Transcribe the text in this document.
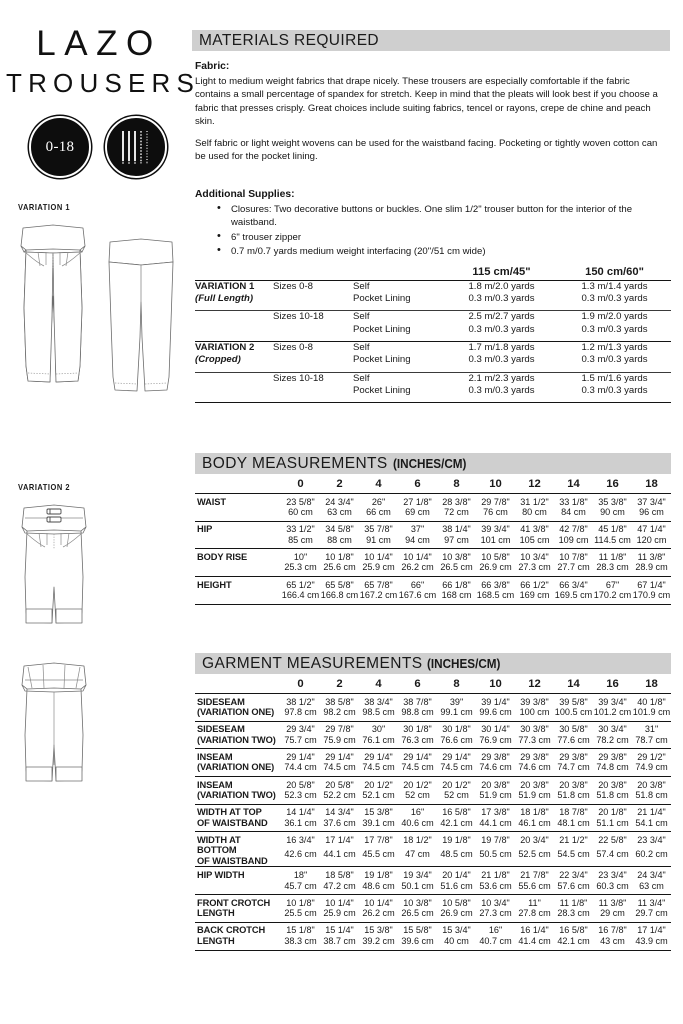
LAZO
TROUSERS
0-18
VARIATION 1
VARIATION 2
MATERIALS REQUIRED
Fabric:

Light to medium weight fabrics that drape nicely. These trousers are especially comfortable if the fabric contains a small percentage of spandex for stretch. Keep in mind that the pleats will look best if you choose a fabric that presses crisply. Great choices include suiting fabrics, tencel or rayons, crepe de chine and peach skin.

Self fabric or light weight wovens can be used for the waistband facing. Pocketing or tightly woven cotton can be used for the pocket lining.

Additional Supplies:
• Closures: Two decorative buttons or buckles. One slim 1/2" trouser button for the interior of the waistband.
• 6" trouser zipper
• 0.7 m/0.7 yards medium weight interfacing (20"/51 cm wide)
			115 cm/45"	150 cm/60"

VARIATION 1	Sizes 0-8	Self	1.8 m/2.0 yards	1.3 m/1.4 yards

(Full Length)		Pocket Lining	0.3 m/0.3 yards	0.3 m/0.3 yards

	Sizes 10-18	Self	2.5 m/2.7 yards	1.9 m/2.0 yards
		Pocket Lining	0.3 m/0.3 yards	0.3 m/0.3 yards

VARIATION 2	Sizes 0-8	Self	1.7 m/1.8 yards	1.2 m/1.3 yards

(Cropped)		Pocket Lining	0.3 m/0.3 yards	0.3 m/0.3 yards

	Sizes 10-18	Self	2.1 m/2.3 yards	1.5 m/1.6 yards
		Pocket Lining	0.3 m/0.3 yards	0.3 m/0.3 yards

BODY MEASUREMENTS (INCHES/CM)
	0	2	4	6	8	10	12	14	16	18

WAIST	23 5/8"	24 3/4"	26"	27 1/8"	28 3/8"	29 7/8"	31 1/2"	33 1/8"	35 3/8"	37 3/4"
	60 cm	63 cm	66 cm	69 cm	72 cm	76 cm	80 cm	84 cm	90 cm	96 cm

HIP	33 1/2"	34 5/8"	35 7/8"	37"	38 1/4"	39 3/4"	41 3/8"	42 7/8"	45 1/8"	47 1/4"
	85 cm	88 cm	91 cm	94 cm	97 cm	101 cm	105 cm	109 cm	114.5 cm	120 cm

BODY RISE	10"	10 1/8"	10 1/4"	10 1/4"	10 3/8"	10 5/8"	10 3/4"	10 7/8"	11 1/8"	11 3/8"
	25.3 cm	25.6 cm	25.9 cm	26.2 cm	26.5 cm	26.9 cm	27.3 cm	27.7 cm	28.3 cm	28.9 cm

HEIGHT	65 1/2"	65 5/8"	65 7/8"	66"	66 1/8"	66 3/8"	66 1/2"	66 3/4"	67"	67 1/4"
	166.4 cm	166.8 cm	167.2 cm	167.6 cm	168 cm	168.5 cm	169 cm	169.5 cm	170.2 cm	170.9 cm

GARMENT MEASUREMENTS (INCHES/CM)
	0	2	4	6	8	10	12	14	16	18

SIDESEAM
(VARIATION ONE)	38 1/2"	38 5/8"	38 3/4"	38 7/8"	39"	39 1/4"	39 3/8"	39 5/8"	39 3/4"	40 1/8"
	97.8 cm	98.2 cm	98.5 cm	98.8 cm	99.1 cm	99.6 cm	100 cm	100.5 cm	101.2 cm	101.9 cm

SIDESEAM
(VARIATION TWO)	29 3/4"	29 7/8"	30"	30 1/8"	30 1/8"	30 1/4"	30 3/8"	30 5/8"	30 3/4"	31"
	75.7 cm	75.9 cm	76.1 cm	76.3 cm	76.6 cm	76.9 cm	77.3 cm	77.6 cm	78.2 cm	78.7 cm

INSEAM
(VARIATION ONE)	29 1/4"	29 1/4"	29 1/4"	29 1/4"	29 1/4"	29 3/8"	29 3/8"	29 3/8"	29 3/8"	29 1/2"
	74.4 cm	74.5 cm	74.5 cm	74.5 cm	74.5 cm	74.6 cm	74.6 cm	74.7 cm	74.8 cm	74.9 cm

INSEAM
(VARIATION TWO)	20 5/8"	20 5/8"	20 1/2"	20 1/2"	20 1/2"	20 3/8"	20 3/8"	20 3/8"	20 3/8"	20 3/8"
	52.3 cm	52.2 cm	52.1 cm	52 cm	52 cm	51.9 cm	51.9 cm	51.8 cm	51.8 cm	51.8 cm

WIDTH AT TOP
OF WAISTBAND	14 1/4"	14 3/4"	15 3/8"	16"	16 5/8"	17 3/8"	18 1/8"	18 7/8"	20 1/8"	21 1/4"
	36.1 cm	37.6 cm	39.1 cm	40.6 cm	42.1 cm	44.1 cm	46.1 cm	48.1 cm	51.1 cm	54.1 cm

WIDTH AT BOTTOM
OF WAISTBAND	16 3/4"	17 1/4"	17 7/8"	18 1/2"	19 1/8"	19 7/8"	20 3/4"	21 1/2"	22 5/8"	23 3/4"
	42.6 cm	44.1 cm	45.5 cm	47 cm	48.5 cm	50.5 cm	52.5 cm	54.5 cm	57.4 cm	60.2 cm

HIP WIDTH	18"	18 5/8"	19 1/8"	19 3/4"	20 1/4"	21 1/8"	21 7/8"	22 3/4"	23 3/4"	24 3/4"
	45.7 cm	47.2 cm	48.6 cm	50.1 cm	51.6 cm	53.6 cm	55.6 cm	57.6 cm	60.3 cm	63 cm

FRONT CROTCH
LENGTH	10 1/8"	10 1/4"	10 1/4"	10 3/8"	10 5/8"	10 3/4"	11"	11 1/8"	11 3/8"	11 3/4"
	25.5 cm	25.9 cm	26.2 cm	26.5 cm	26.9 cm	27.3 cm	27.8 cm	28.3 cm	29 cm	29.7 cm

BACK CROTCH
LENGTH	15 1/8"	15 1/4"	15 3/8"	15 5/8"	15 3/4"	16"	16 1/4"	16 5/8"	16 7/8"	17 1/4"
	38.3 cm	38.7 cm	39.2 cm	39.6 cm	40 cm	40.7 cm	41.4 cm	42.1 cm	43 cm	43.9 cm
